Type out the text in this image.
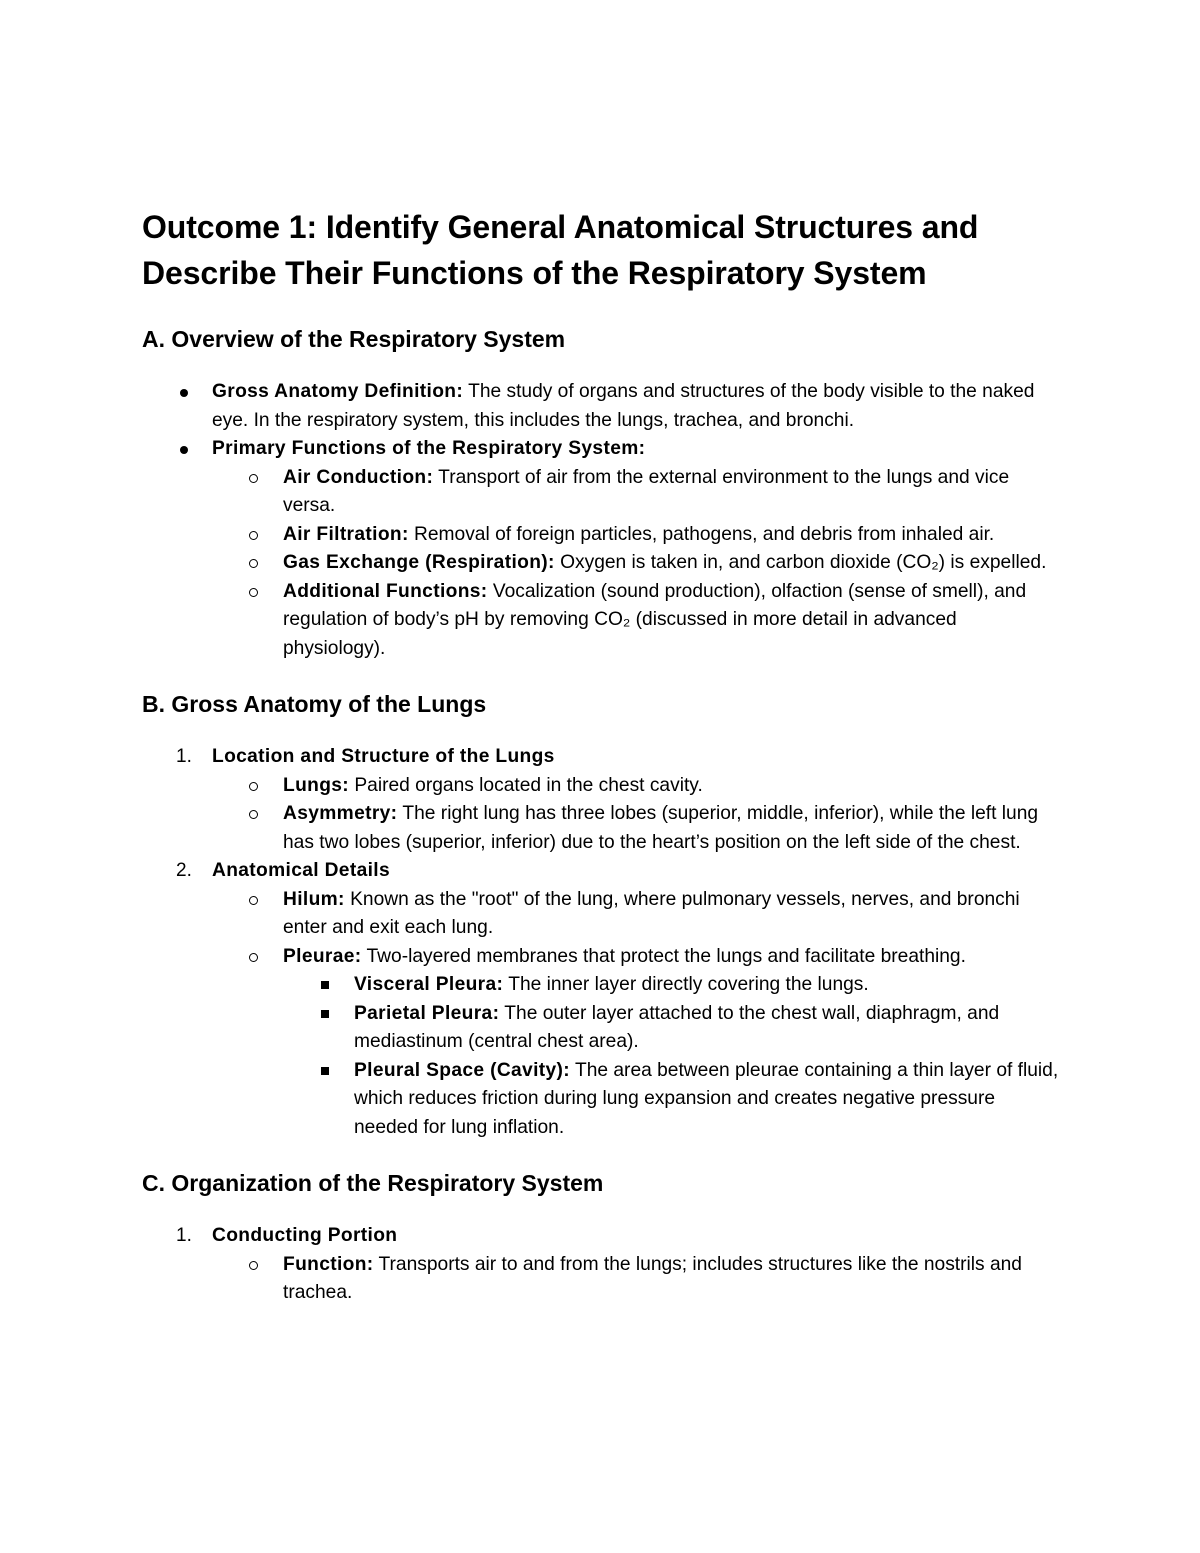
Outcome 1: Identify General Anatomical Structures and Describe Their Functions of the Respiratory System
A. Overview of the Respiratory System
Gross Anatomy Definition: The study of organs and structures of the body visible to the naked eye. In the respiratory system, this includes the lungs, trachea, and bronchi.
Primary Functions of the Respiratory System:
Air Conduction: Transport of air from the external environment to the lungs and vice versa.
Air Filtration: Removal of foreign particles, pathogens, and debris from inhaled air.
Gas Exchange (Respiration): Oxygen is taken in, and carbon dioxide (CO₂) is expelled.
Additional Functions: Vocalization (sound production), olfaction (sense of smell), and regulation of body’s pH by removing CO₂ (discussed in more detail in advanced physiology).
B. Gross Anatomy of the Lungs
1. Location and Structure of the Lungs
Lungs: Paired organs located in the chest cavity.
Asymmetry: The right lung has three lobes (superior, middle, inferior), while the left lung has two lobes (superior, inferior) due to the heart’s position on the left side of the chest.
2. Anatomical Details
Hilum: Known as the "root" of the lung, where pulmonary vessels, nerves, and bronchi enter and exit each lung.
Pleurae: Two-layered membranes that protect the lungs and facilitate breathing.
Visceral Pleura: The inner layer directly covering the lungs.
Parietal Pleura: The outer layer attached to the chest wall, diaphragm, and mediastinum (central chest area).
Pleural Space (Cavity): The area between pleurae containing a thin layer of fluid, which reduces friction during lung expansion and creates negative pressure needed for lung inflation.
C. Organization of the Respiratory System
1. Conducting Portion
Function: Transports air to and from the lungs; includes structures like the nostrils and trachea.
